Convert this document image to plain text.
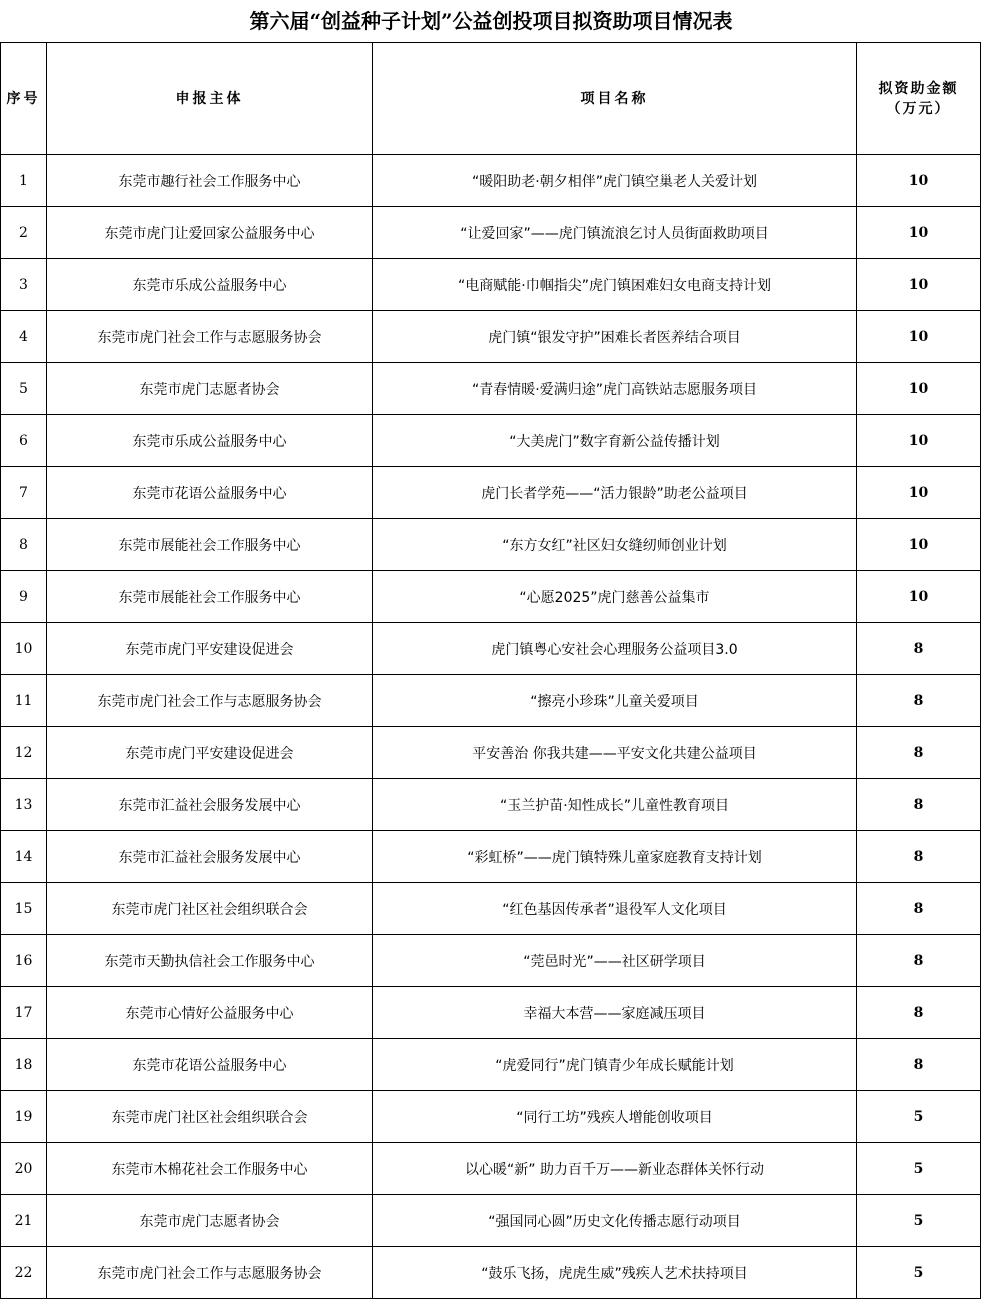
第六届“创益种子计划”公益创投项目拟资助项目情况表
序号	申报主体	项目名称	拟资助金额
（万元）

1	东莞市趣行社会工作服务中心	“暖阳助老·朝夕相伴”虎门镇空巢老人关爱计划	10
2	东莞市虎门让爱回家公益服务中心	“让爱回家”——虎门镇流浪乞讨人员街面救助项目	10
3	东莞市乐成公益服务中心	“电商赋能·巾帼指尖”虎门镇困难妇女电商支持计划	10
4	东莞市虎门社会工作与志愿服务协会	虎门镇“银发守护”困难长者医养结合项目	10
5	东莞市虎门志愿者协会	“青春情暖·爱满归途”虎门高铁站志愿服务项目	10
6	东莞市乐成公益服务中心	“大美虎门”数字育新公益传播计划	10
7	东莞市花语公益服务中心	虎门长者学苑——“活力银龄”助老公益项目	10
8	东莞市展能社会工作服务中心	“东方女红”社区妇女缝纫师创业计划	10
9	东莞市展能社会工作服务中心	“心愿2025”虎门慈善公益集市	10
10	东莞市虎门平安建设促进会	虎门镇粤心安社会心理服务公益项目3.0	8
11	东莞市虎门社会工作与志愿服务协会	“擦亮小珍珠”儿童关爱项目	8
12	东莞市虎门平安建设促进会	平安善治 你我共建——平安文化共建公益项目	8
13	东莞市汇益社会服务发展中心	“玉兰护苗·知性成长”儿童性教育项目	8
14	东莞市汇益社会服务发展中心	“彩虹桥”——虎门镇特殊儿童家庭教育支持计划	8
15	东莞市虎门社区社会组织联合会	“红色基因传承者”退役军人文化项目	8
16	东莞市天勤执信社会工作服务中心	“莞邑时光”——社区研学项目	8
17	东莞市心情好公益服务中心	幸福大本营——家庭减压项目	8
18	东莞市花语公益服务中心	“虎爱同行”虎门镇青少年成长赋能计划	8
19	东莞市虎门社区社会组织联合会	“同行工坊”残疾人增能创收项目	5
20	东莞市木棉花社会工作服务中心	以心暖“新” 助力百千万——新业态群体关怀行动	5
21	东莞市虎门志愿者协会	“强国同心圆”历史文化传播志愿行动项目	5
22	东莞市虎门社会工作与志愿服务协会	“鼓乐飞扬，虎虎生威”残疾人艺术扶持项目	5
